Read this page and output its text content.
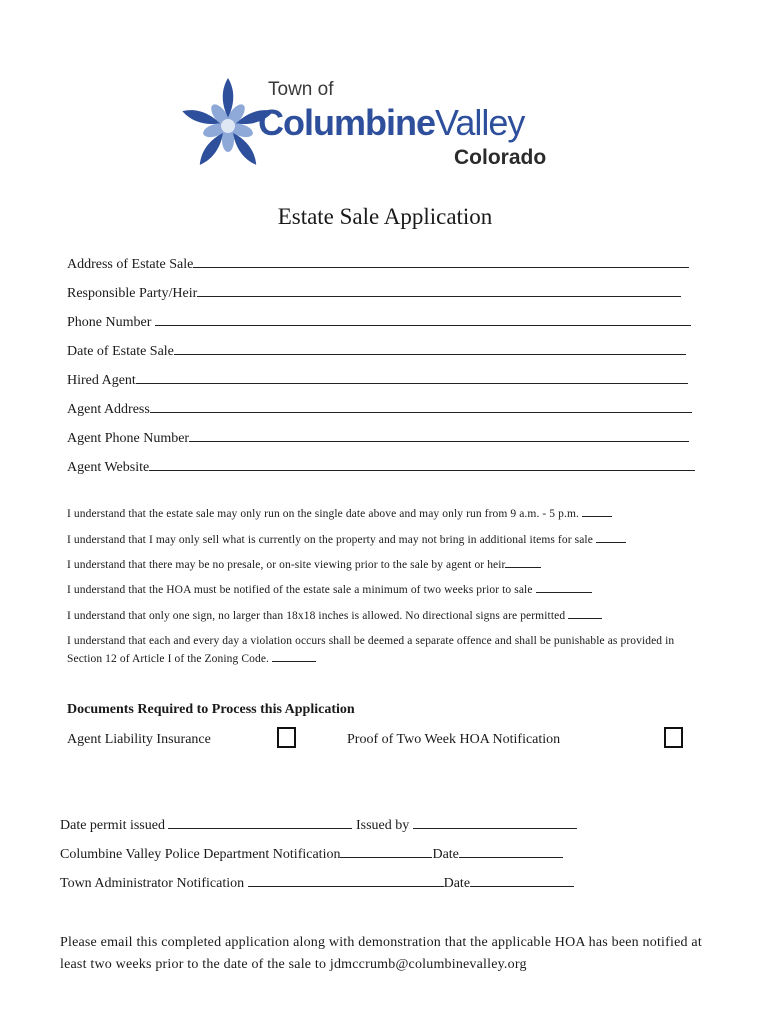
Town of
ColumbineValley
Colorado
Estate Sale Application
Address of Estate Sale
Responsible Party/Heir
Phone Number
Date of Estate Sale
Hired Agent
Agent Address
Agent Phone Number
Agent Website
I understand that the estate sale may only run on the single date above and may only run from 9 a.m. - 5 p.m.
I understand that I may only sell what is currently on the property and may not bring in additional items for sale
I understand that there may be no presale, or on-site viewing prior to the sale by agent or heir
I understand that the HOA must be notified of the estate sale a minimum of two weeks prior to sale
I understand that only one sign, no larger than 18x18 inches is allowed. No directional signs are permitted
I understand that each and every day a violation occurs shall be deemed a separate offence and shall be punishable as provided in Section 12 of Article I of the Zoning Code.
Documents Required to Process this Application
Agent Liability Insurance	Proof of Two Week HOA Notification
Date permit issued	Issued by
Columbine Valley Police Department Notification	Date
Town Administrator Notification	Date
Please email this completed application along with demonstration that the applicable HOA has been notified at least two weeks prior to the date of the sale to jdmccrumb@columbinevalley.org
